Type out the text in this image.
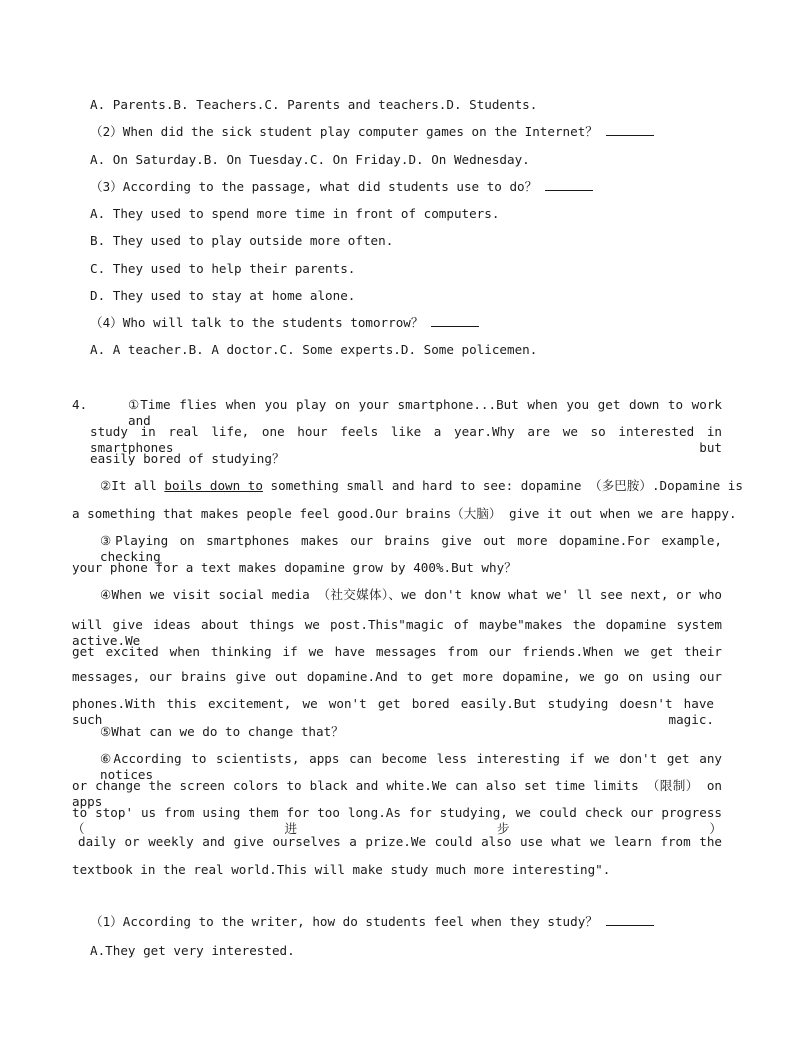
A. Parents.B. Teachers.C. Parents and teachers.D. Students.
（2）When did the sick student play computer games on the Internet？
A. On Saturday.B. On Tuesday.C. On Friday.D. On Wednesday.
（3）According to the passage, what did students use to do？
A. They used to spend more time in front of computers.
B. They used to play outside more often.
C. They used to help their parents.
D. They used to stay at home alone.
（4）Who will talk to the students tomorrow？
A. A teacher.B. A doctor.C. Some experts.D. Some policemen.
4.	①Time flies when you play on your smartphone...But when you get down to work and
study in real life, one hour feels like a year.Why are we so interested in smartphones but
easily bored of studying？
②It all boils down to something small and hard to see: dopamine （多巴胺）.Dopamine is
a something that makes people feel good.Our brains（大脑） give it out when we are happy.
③Playing on smartphones makes our brains give out more dopamine.For example, checking
your phone for a text makes dopamine grow by 400%.But why？
④When we visit social media （社交媒体）、we don't know what we' ll see next, or who
will give ideas about things we post.This"magic of maybe"makes the dopamine system active.We
get excited when thinking if we have messages from our friends.When we get their
messages, our brains give out dopamine.And to get more dopamine, we go on using our
phones.With this excitement, we won't get bored easily.But studying doesn't have such magic.
⑤What can we do to change that？
⑥According to scientists, apps can become less interesting if we don't get any notices
or change the screen colors to black and white.We can also set time limits （限制） on apps
to stop' us from using them for too long.As for studying, we could check our progress （进步）
daily or weekly and give ourselves a prize.We could also use what we learn from the
textbook in the real world.This will make study much more interesting".
（1）According to the writer, how do students feel when they study？
A.They get very interested.
